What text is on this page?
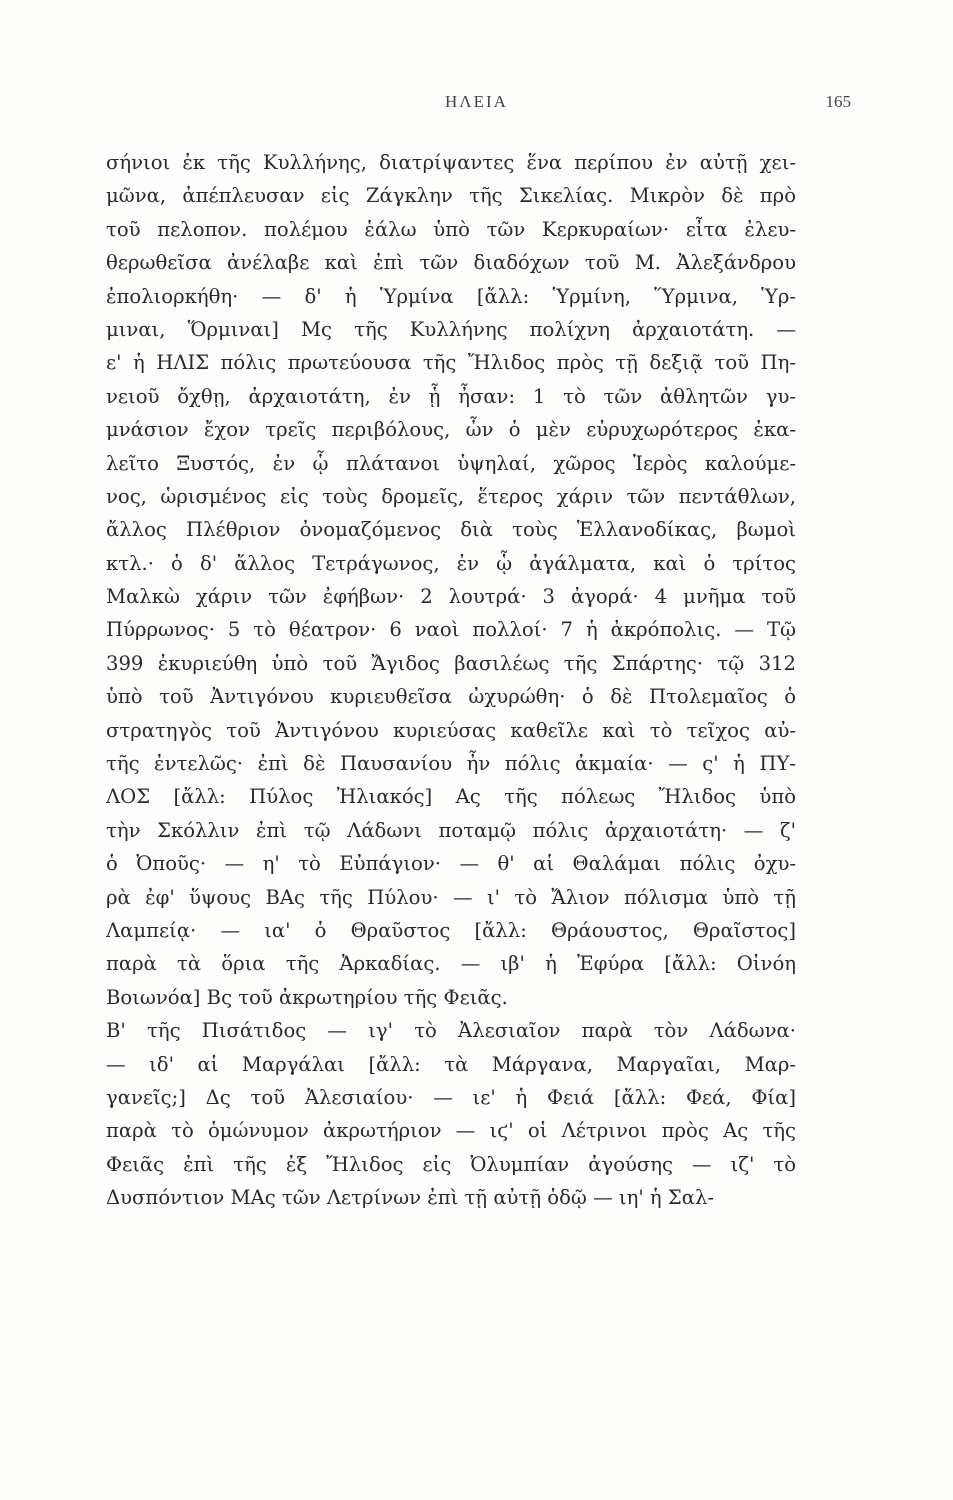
ΗΛΕΙΑ	165
σήνιοι ἐκ τῆς Κυλλήνης, διατρίψαντες ἕνα περίπου ἐν αὐτῇ χει-
μῶνα, ἀπέπλευσαν εἰς Ζάγκλην τῆς Σικελίας. Μικρὸν δὲ πρὸ
τοῦ πελοπον. πολέμου ἑάλω ὑπὸ τῶν Κερκυραίων· εἶτα ἐλευ-
θερωθεῖσα ἀνέλαβε καὶ ἐπὶ τῶν διαδόχων τοῦ Μ. Ἀλεξάνδρου
ἐπολιορκήθη· — δ' ἡ Ὑρμίνα [ἄλλ: Ὑρμίνη, Ὕρμινα, Ὑρ-
μιναι, Ὅρμιναι] Μς τῆς Κυλλήνης πολίχνη ἀρχαιοτάτη. —
ε' ἡ ΗΛΙΣ πόλις πρωτεύουσα τῆς Ἤλιδος πρὸς τῇ δεξιᾷ τοῦ Πη-
νειοῦ ὄχθῃ, ἀρχαιοτάτη, ἐν ᾗ ἦσαν: 1 τὸ τῶν ἀθλητῶν γυ-
μνάσιον ἔχον τρεῖς περιβόλους, ὧν ὁ μὲν εὐρυχωρότερος ἐκα-
λεῖτο Ξυστός, ἐν ᾧ πλάτανοι ὑψηλαί, χῶρος Ἱερὸς καλούμε-
νος, ὡρισμένος εἰς τοὺς δρομεῖς, ἕτερος χάριν τῶν πεντάθλων,
ἄλλος Πλέθριον ὀνομαζόμενος διὰ τοὺς Ἑλλανοδίκας, βωμοὶ
κτλ.· ὁ δ' ἄλλος Τετράγωνος, ἐν ᾧ ἀγάλματα, καὶ ὁ τρίτος
Μαλκὼ χάριν τῶν ἐφήβων· 2 λουτρά· 3 ἀγορά· 4 μνῆμα τοῦ
Πύρρωνος· 5 τὸ θέατρον· 6 ναοὶ πολλοί· 7 ἡ ἀκρόπολις. — Τῷ
399 ἐκυριεύθη ὑπὸ τοῦ Ἄγιδος βασιλέως τῆς Σπάρτης· τῷ 312
ὑπὸ τοῦ Ἀντιγόνου κυριευθεῖσα ὠχυρώθη· ὁ δὲ Πτολεμαῖος ὁ
στρατηγὸς τοῦ Ἀντιγόνου κυριεύσας καθεῖλε καὶ τὸ τεῖχος αὐ-
τῆς ἐντελῶς· ἐπὶ δὲ Παυσανίου ἦν πόλις ἀκμαία· — ς' ἡ ΠΥ-
ΛΟΣ [ἄλλ: Πύλος Ἠλιακός] Ας τῆς πόλεως Ἤλιδος ὑπὸ
τὴν Σκόλλιν ἐπὶ τῷ Λάδωνι ποταμῷ πόλις ἀρχαιοτάτη· — ζ'
ὁ Ὀποῦς· — η' τὸ Εὐπάγιον· — θ' αἱ Θαλάμαι πόλις ὀχυ-
ρὰ ἐφ' ὕψους ΒΑς τῆς Πύλου· — ι' τὸ Ἄλιον πόλισμα ὑπὸ τῇ
Λαμπείᾳ· — ια' ὁ Θραῦστος [ἄλλ: Θράουστος, Θραῖστος]
παρὰ τὰ ὅρια τῆς Ἀρκαδίας. — ιβ' ἡ Ἐφύρα [ἄλλ: Οἰνόη
Βοιωνόα] Βς τοῦ ἀκρωτηρίου τῆς Φειᾶς.
Β' τῆς Πισάτιδος — ιγ' τὸ Ἀλεσιαῖον παρὰ τὸν Λάδωνα·
— ιδ' αἱ Μαργάλαι [ἄλλ: τὰ Μάργανα, Μαργαῖαι, Μαρ-
γανεῖς;] Δς τοῦ Ἀλεσιαίου· — ιε' ἡ Φειά [ἄλλ: Φεά, Φία]
παρὰ τὸ ὁμώνυμον ἀκρωτήριον — ιϛ' οἱ Λέτρινοι πρὸς Ας τῆς
Φειᾶς ἐπὶ τῆς ἐξ Ἤλιδος εἰς Ὀλυμπίαν ἀγούσης — ιζ' τὸ
Δυσπόντιον ΜΑς τῶν Λετρίνων ἐπὶ τῇ αὐτῇ ὁδῷ — ιη' ἡ Σαλ-
